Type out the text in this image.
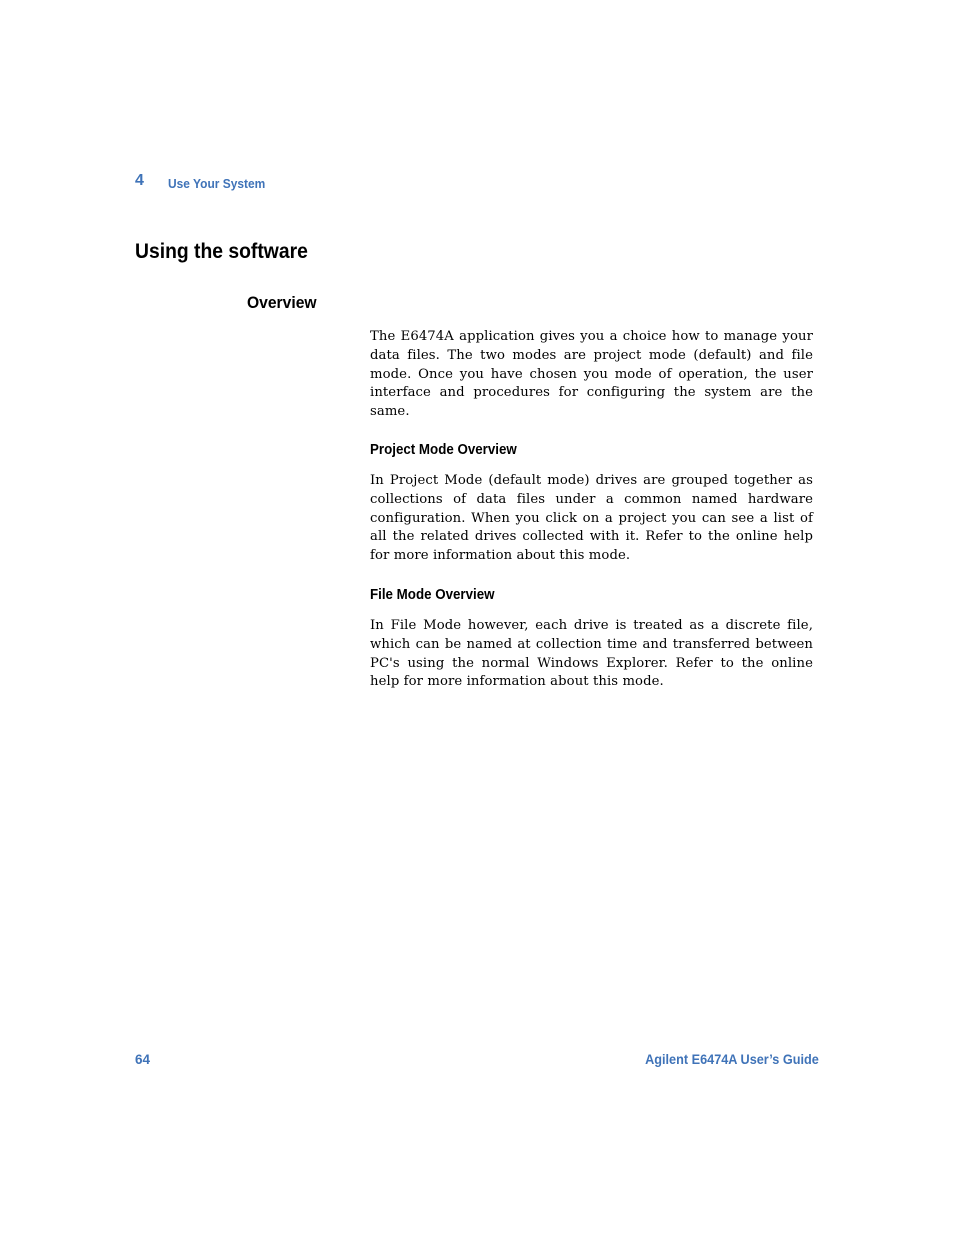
4 Use Your System
Using the software
Overview

The E6474A application gives you a choice how to manage your data files. The two modes are project mode (default) and file mode. Once you have chosen you mode of operation, the user interface and procedures for configuring the system are the same.

Project Mode Overview

In Project Mode (default mode) drives are grouped together as collections of data files under a common named hardware configuration. When you click on a project you can see a list of all the related drives collected with it. Refer to the online help for more information about this mode.

File Mode Overview

In File Mode however, each drive is treated as a discrete file, which can be named at collection time and transferred between PC's using the normal Windows Explorer. Refer to the online help for more information about this mode.

64	Agilent E6474A User’s Guide
